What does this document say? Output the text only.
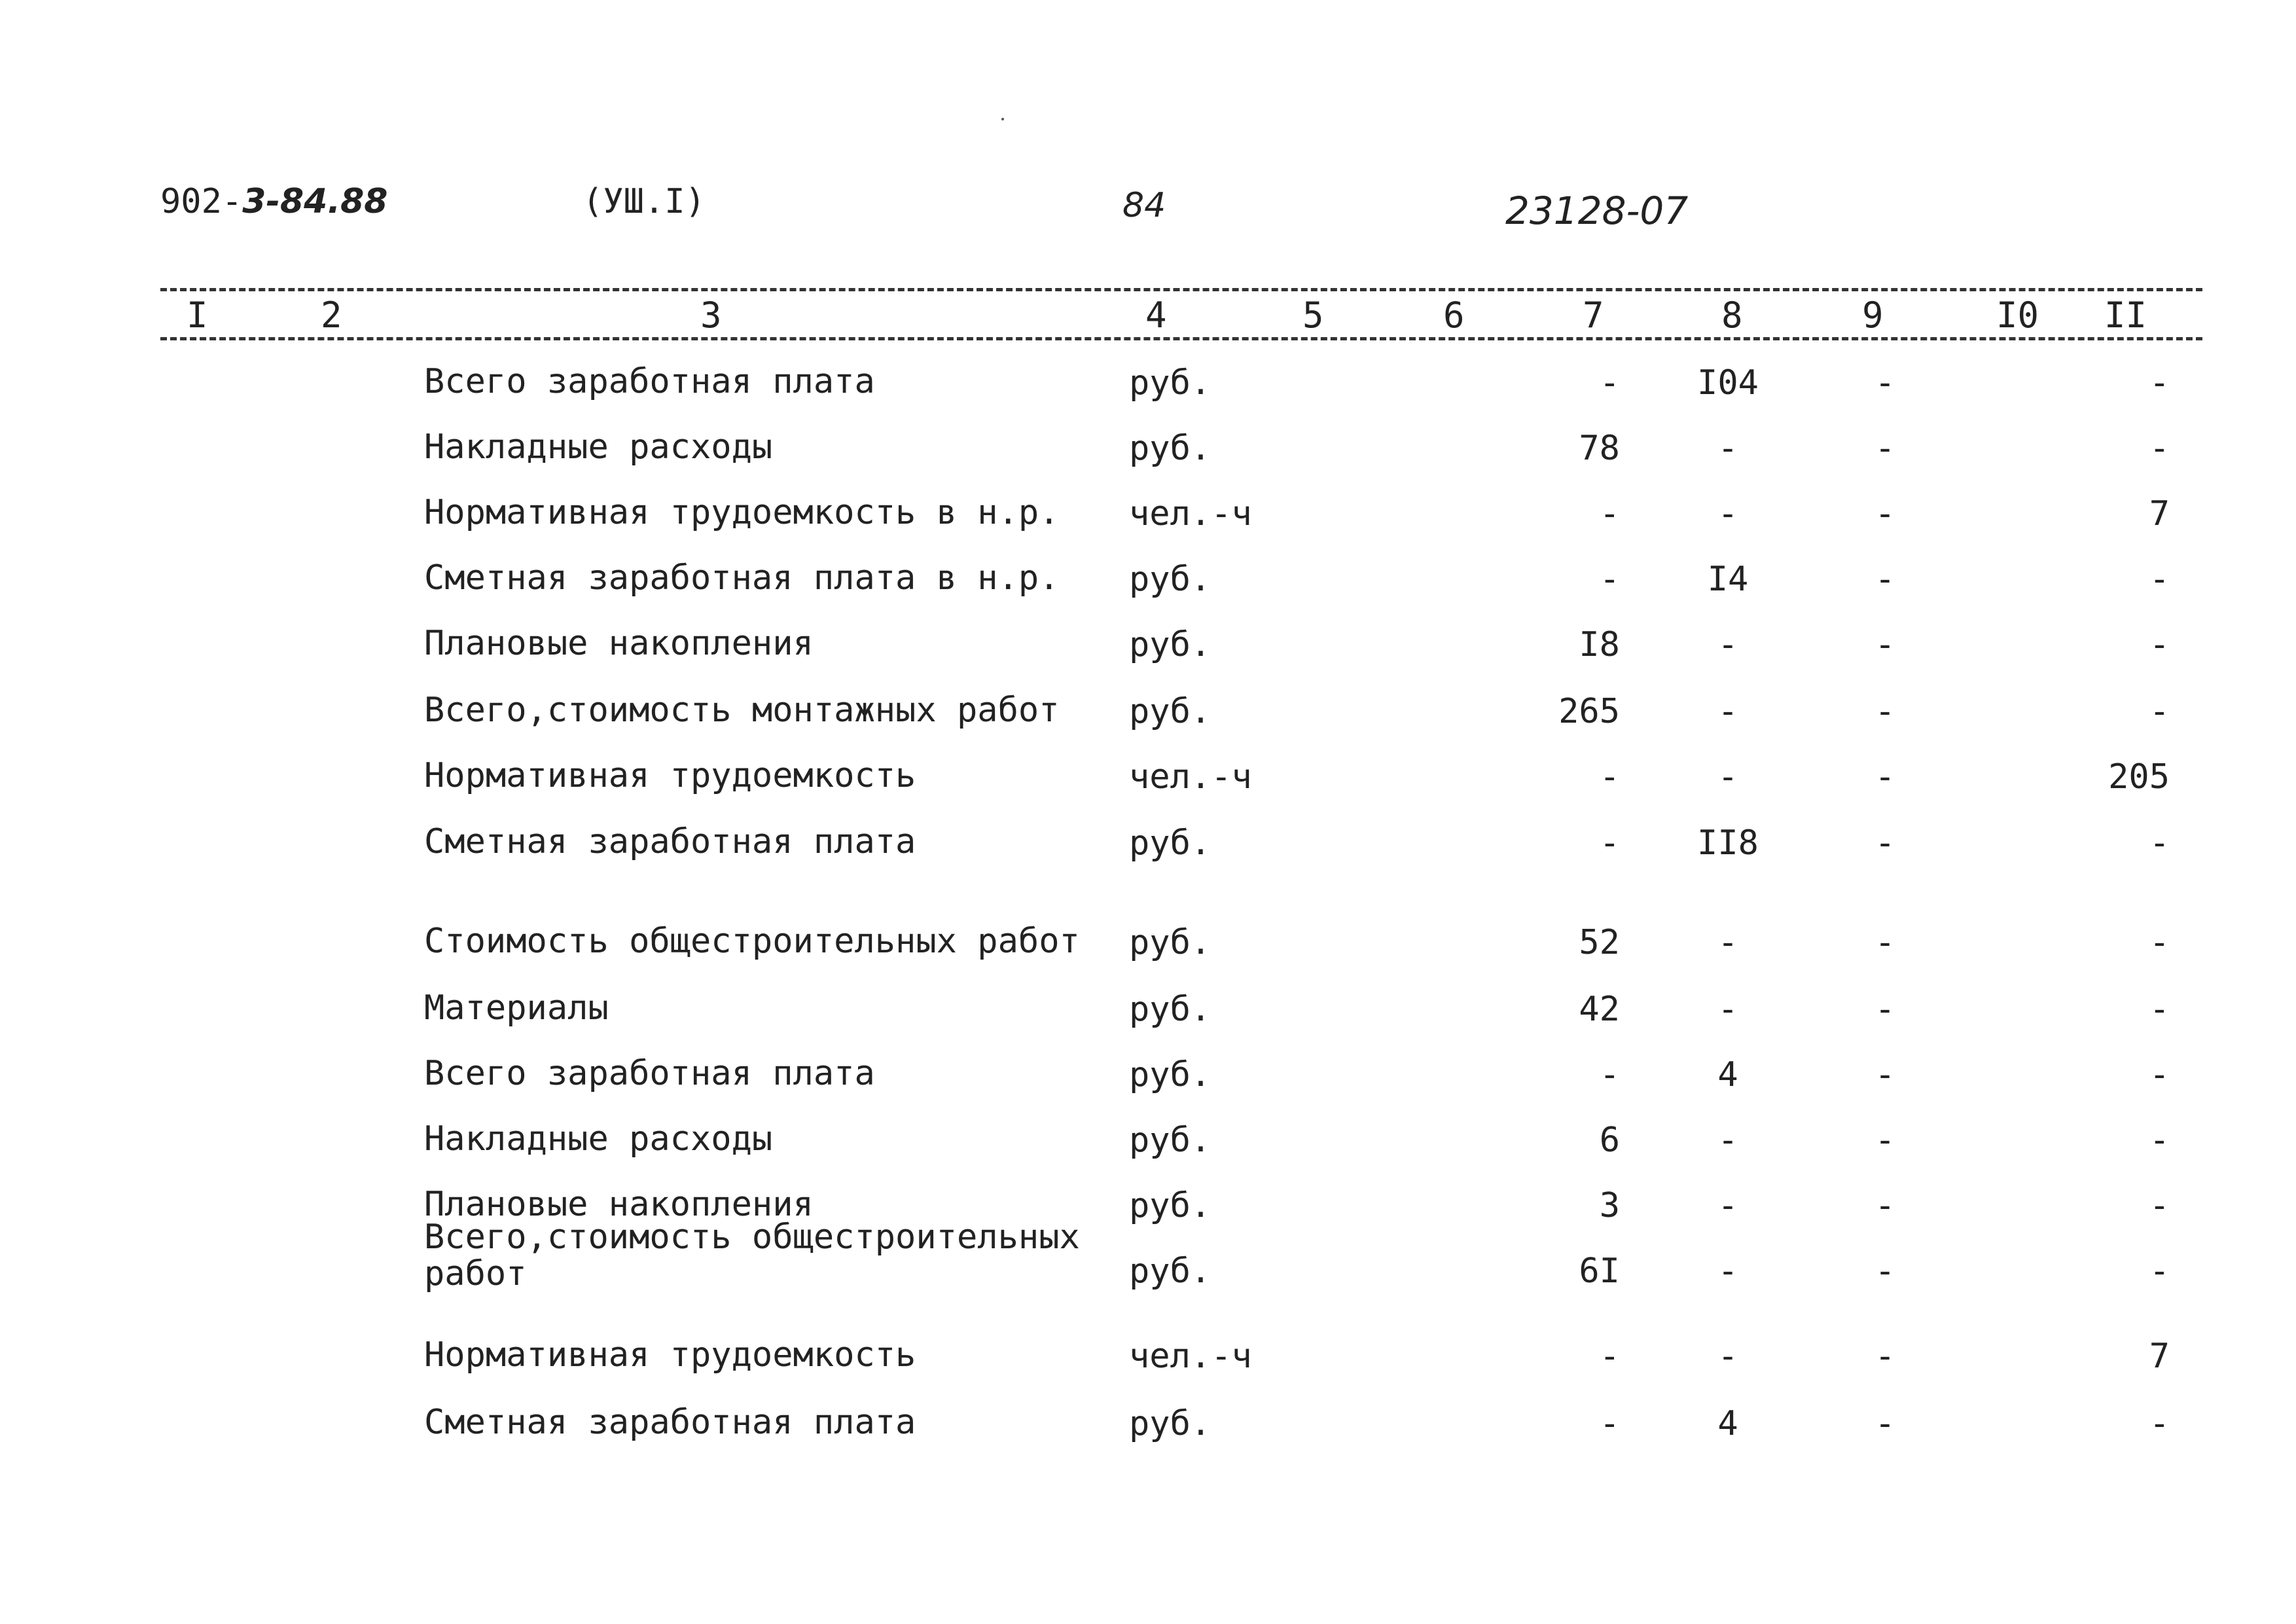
902-3-84.88	(УШ.I)	84	23128-07
I	2	3	4	5	6	7	8	9	I0 II
Всего заработная плата	руб.	-	I04	-	-
Накладные расходы	руб.	78	-	-	-
Нормативная трудоемкость в н.р. чел.-ч	-	-	-	7
Сметная заработная плата в н.р. руб.	-	I4	-	-
Плановые накопления	руб.	I8	-	-	-
Всего,стоимость монтажных работ руб.	265	-	-	-
Нормативная трудоемкость	чел.-ч	-	-	-	205
Сметная заработная плата	руб.	-	II8	-	-
Стоимость общестроительных работ руб.	52	-	-	-
Материалы	руб.	42	-	-	-
Всего заработная плата	руб.	-	4	-	-
Накладные расходы	руб.	6	-	-	-
Плановые накопления	руб.	3	-	-	-
Всего,стоимость общестроительных
работ	руб.	6I	-	-	-
Нормативная трудоемкость	чел.-ч	-	-	-	7
Сметная заработная плата	руб.	-	4	-	-
